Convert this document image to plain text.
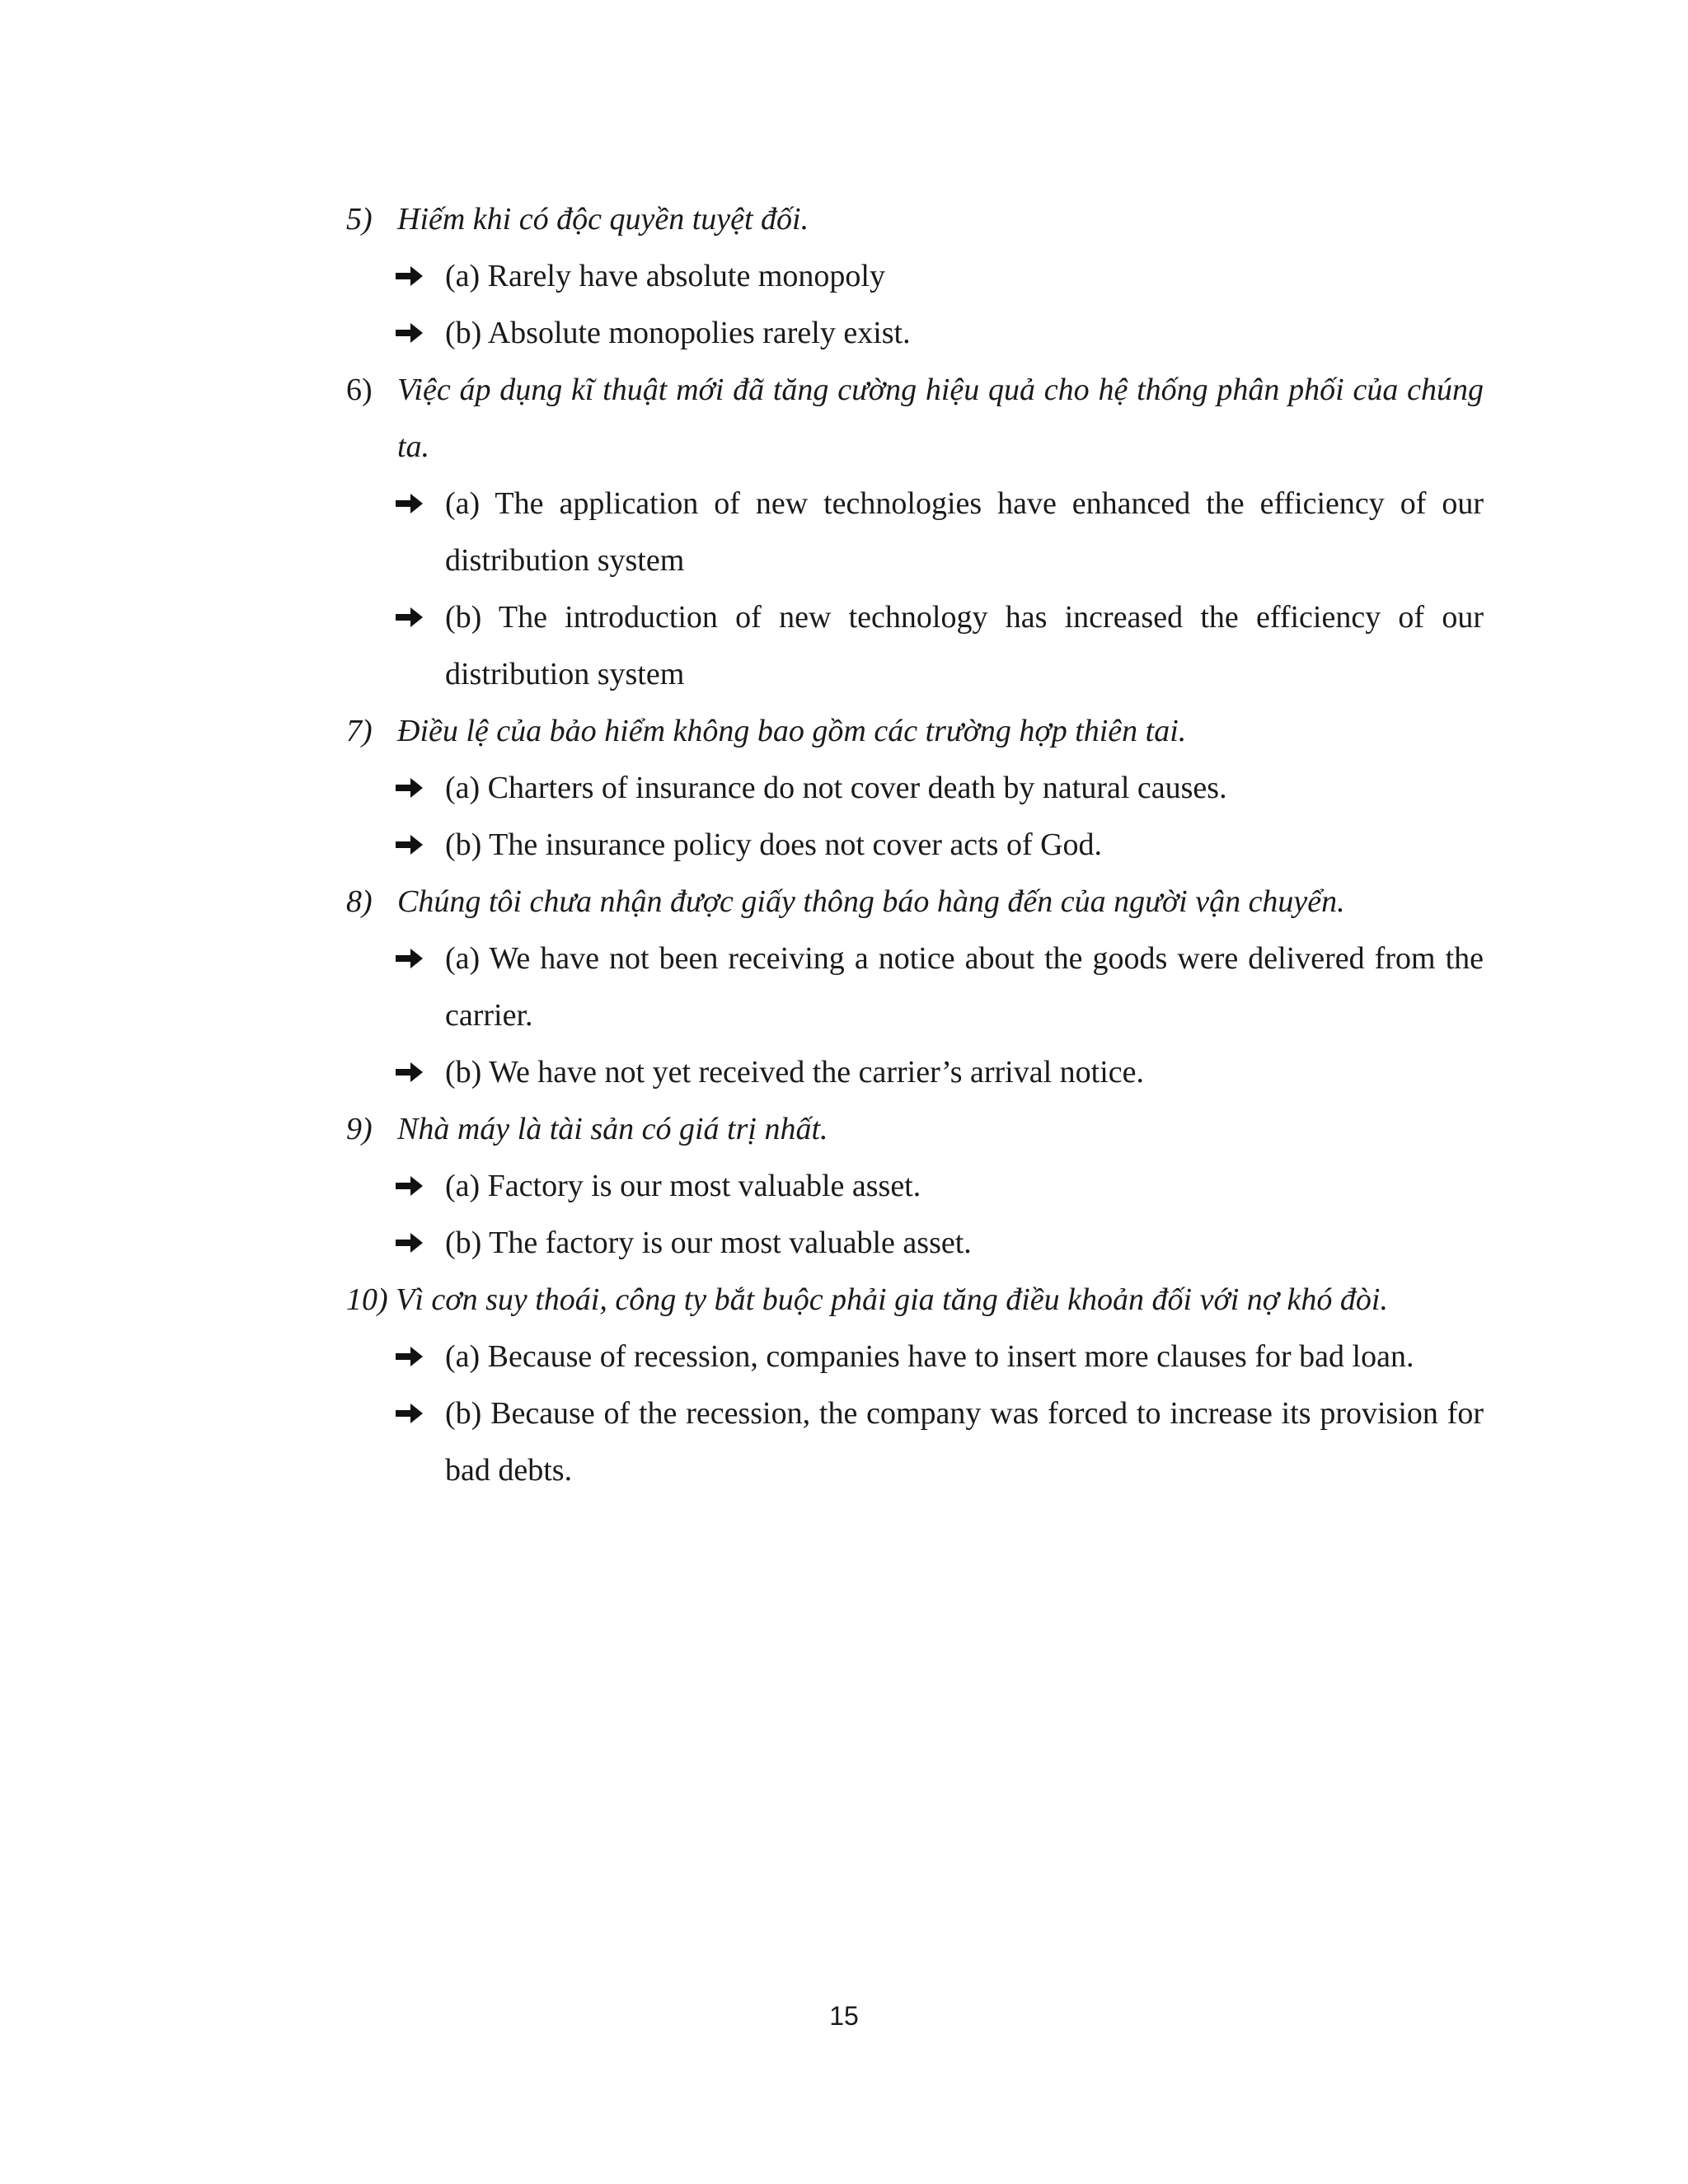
5) Hiếm khi có độc quyền tuyệt đối.
(a) Rarely have absolute monopoly
(b) Absolute monopolies rarely exist.
6) Việc áp dụng kĩ thuật mới đã tăng cường hiệu quả cho hệ thống phân phối của chúng ta.
(a) The application of new technologies have enhanced the efficiency of our distribution system
(b) The introduction of new technology has increased the efficiency of our distribution system
7) Điều lệ của bảo hiểm không bao gồm các trường hợp thiên tai.
(a) Charters of insurance do not cover death by natural causes.
(b) The insurance policy does not cover acts of God.
8) Chúng tôi chưa nhận được giấy thông báo hàng đến của người vận chuyển.
(a) We have not been receiving a notice about the goods were delivered from the carrier.
(b) We have not yet received the carrier’s arrival notice.
9) Nhà máy là tài sản có giá trị nhất.
(a) Factory is our most valuable asset.
(b) The factory is our most valuable asset.
10) Vì cơn suy thoái, công ty bắt buộc phải gia tăng điều khoản đối với nợ khó đòi.
(a) Because of recession, companies have to insert more clauses for bad loan.
(b) Because of the recession, the company was forced to increase its provision for bad debts.
15
